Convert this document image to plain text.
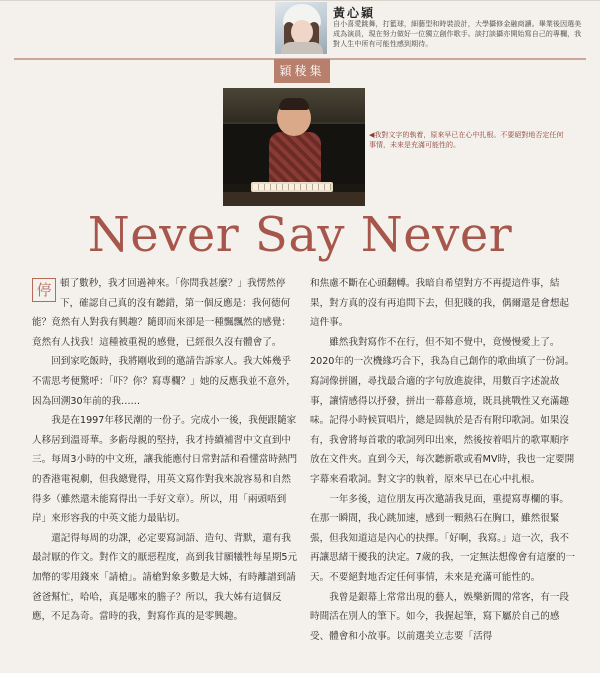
黃心穎
自小喜愛跳舞，打籃球，細藝型和時裝設計，大學攝修金融商讀。畢業後因選美成為演員，現在努力做好一位獨立創作歌手。談打談攝亦開始寫自己的專欄，我對人生中所有可能性感到期待。
穎稜集
◀我對文字的執着，原來早已在心中扎根。不要絕對地否定任何事情，未來是充滿可能性的。
Never Say Never

停 頓了數秒，我才回過神來。「你問我甚麼？」我愣然停下，確認自己真的沒有聽錯，第一個反應是：我何德何能？竟然有人對我有興趣？隨即而來卻是一種飄飄然的感覺：竟然有人找我！這種被重視的感覺，已經很久沒有體會了。

回到家吃飯時，我將剛收到的邀請告訴家人。我大姊幾乎不需思考便驚呼：「吓？你？寫專欄？」她的反應我並不意外，因為回溯30年前的我……

我是在1997年移民潮的一份子。完成小一後，我便跟隨家人移居到溫哥華。多虧母親的堅持，我才持續補習中文直到中三。每周3小時的中文班，讓我能應付日常對話和看懂當時熱門的香港電視劇，但我總覺得，用英文寫作對我來說容易和自然得多（雖然還未能寫得出一手好文章）。所以，用「兩頭唔到岸」來形容我的中英文能力最貼切。

還記得每周的功課，必定要寫詞語、造句、背默，還有我最討厭的作文。對作文的厭惡程度，高到我甘願犧牲每星期5元加幣的零用錢來「請槍」。請槍對象多數是大姊，有時離譜到請爸爸幫忙，哈哈，真是哪來的膽子？所以，我大姊有這個反應，不足為奇。當時的我，對寫作真的是零興趣。

和焦慮不斷在心頭翻轉。我暗自希望對方不再提這件事，結果，對方真的沒有再追問下去，但犯賤的我，偶爾還是會想起這件事。

雖然我對寫作不在行，但不知不覺中，竟慢慢愛上了。2020年的一次機緣巧合下，我為自己創作的歌曲填了一份詞。寫詞像拼圖，尋找最合適的字句放進旋律，用數百字述說故事，讓情感得以抒發，拼出一幕幕意境，既具挑戰性又充滿趣味。記得小時候買唱片，總是固執於是否有附印歌詞。如果沒有，我會將每首歌的歌詞列印出來，然後按着唱片的歌單順序放在文件夾。直到今天，每次聽新歌或看MV時，我也一定要開字幕來看歌詞。對文字的執着，原來早已在心中扎根。

一年多後，這位朋友再次邀請我見面，重提寫專欄的事。在那一瞬間，我心跳加速，感到一顆熱石在胸口，雖然很緊張，但我知道這是內心的抉擇。「好啊，我寫。」這一次，我不再讓思緒干擾我的決定。7歲的我，一定無法想像會有這麼的一天。不要絕對地否定任何事情，未來是充滿可能性的。

我曾是銀幕上常常出現的藝人，娛樂新聞的常客，有一段時間活在別人的筆下。如今，我握起筆，寫下屬於自己的感受、體會和小故事。以前選美立志要「活得
